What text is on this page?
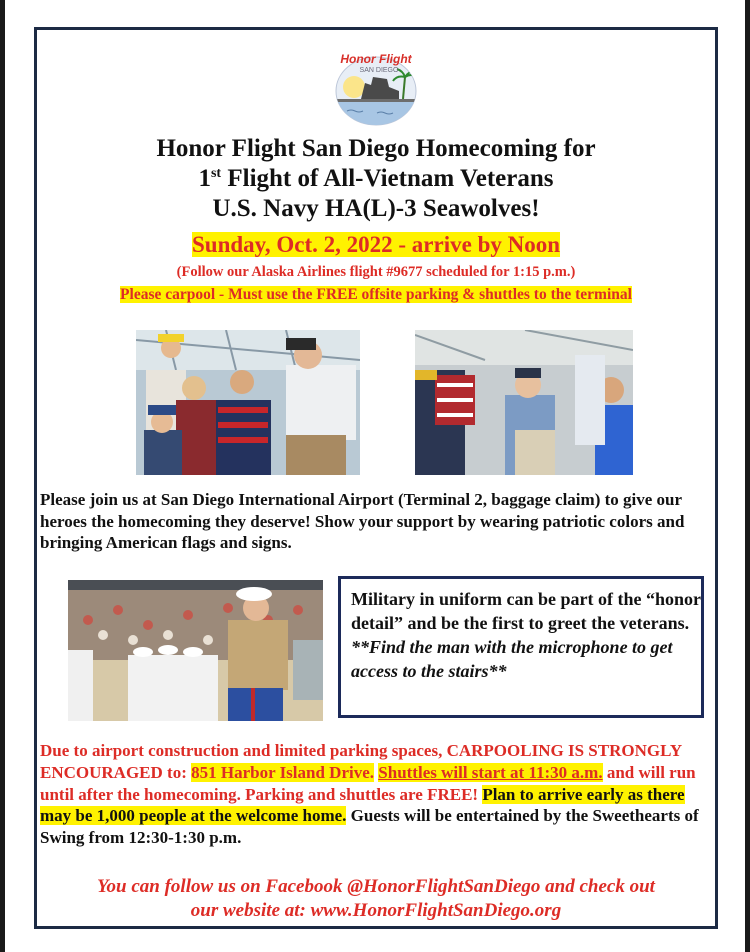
Honor Flight
SAN DIEGO
Honor Flight San Diego Homecoming for
1st Flight of All-Vietnam Veterans
U.S. Navy HA(L)-3 Seawolves!
Sunday, Oct. 2, 2022 - arrive by Noon
(Follow our Alaska Airlines flight #9677 scheduled for 1:15 p.m.)
Please carpool - Must use the FREE offsite parking & shuttles to the terminal
Please join us at San Diego International Airport (Terminal 2, baggage claim) to give our heroes the homecoming they deserve! Show your support by wearing patriotic colors and bringing American flags and signs.
Military in uniform can be part of the “honor detail” and be the first to greet the veterans. **Find the man with the microphone to get access to the stairs**
Due to airport construction and limited parking spaces, CARPOOLING IS STRONGLY ENCOURAGED to: 851 Harbor Island Drive. Shuttles will start at 11:30 a.m. and will run until after the homecoming. Parking and shuttles are FREE! Plan to arrive early as there may be 1,000 people at the welcome home. Guests will be entertained by the Sweethearts of Swing from 12:30-1:30 p.m.
You can follow us on Facebook @HonorFlightSanDiego and check out
our website at: www.HonorFlightSanDiego.org
